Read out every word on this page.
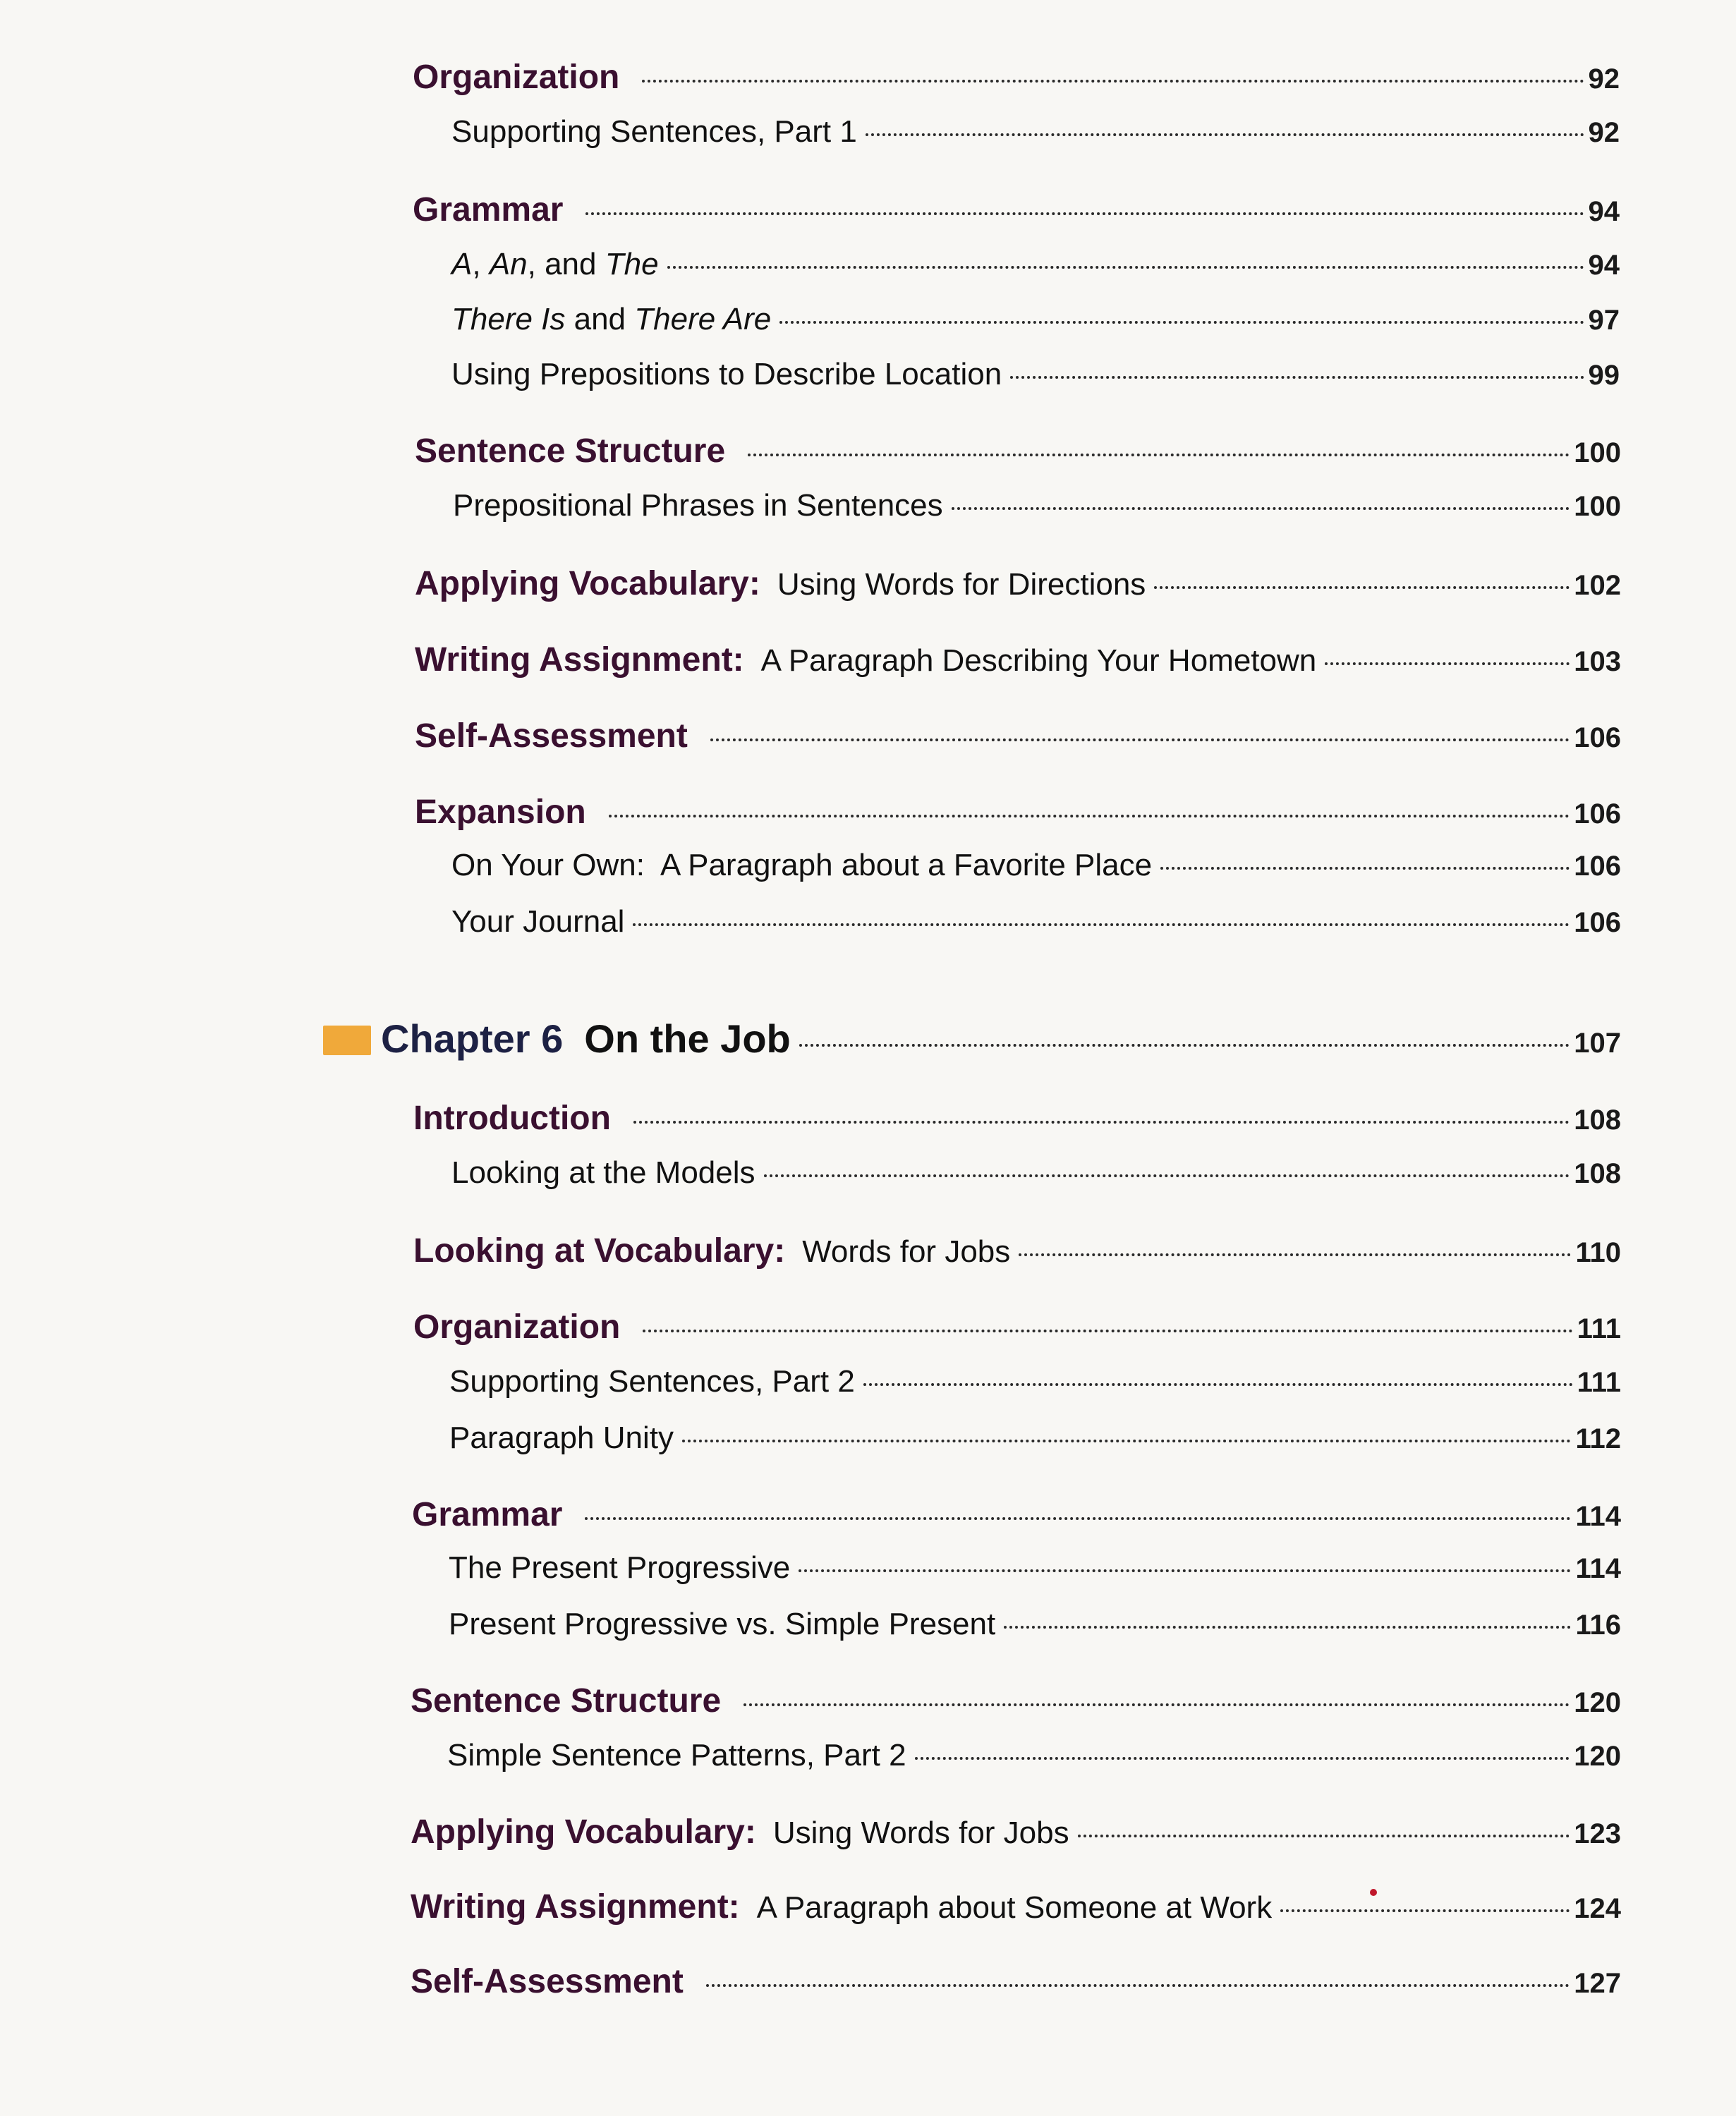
Organization	92
Supporting Sentences, Part 1	92
Grammar	94
A, An, and The	94
There Is and There Are	97
Using Prepositions to Describe Location	99
Sentence Structure	100
Prepositional Phrases in Sentences	100
Applying Vocabulary: Using Words for Directions	102
Writing Assignment: A Paragraph Describing Your Hometown	103
Self-Assessment	106
Expansion	106
On Your Own:  A Paragraph about a Favorite Place	106
Your Journal	106
Chapter 6 On the Job	107
Introduction	108
Looking at the Models	108
Looking at Vocabulary: Words for Jobs	110
Organization	111
Supporting Sentences, Part 2	111
Paragraph Unity	112
Grammar	114
The Present Progressive	114
Present Progressive vs. Simple Present	116
Sentence Structure	120
Simple Sentence Patterns, Part 2	120
Applying Vocabulary: Using Words for Jobs	123
Writing Assignment: A Paragraph about Someone at Work	124
Self-Assessment	127
